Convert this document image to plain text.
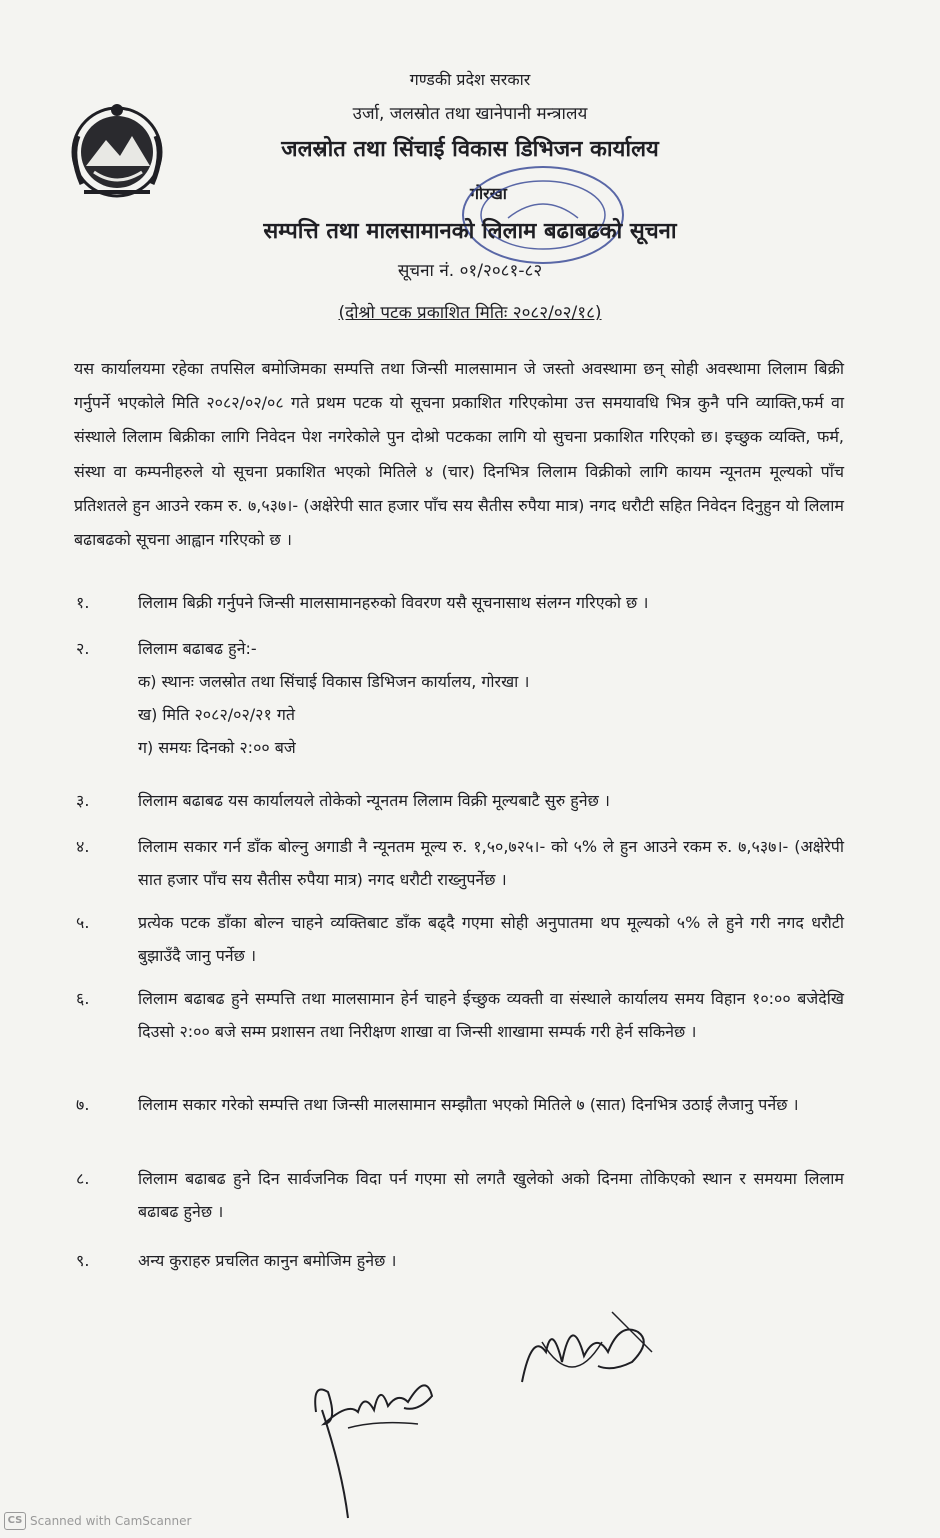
गण्डकी प्रदेश सरकार
उर्जा, जलस्रोत तथा खानेपानी मन्त्रालय
जलस्रोत तथा सिंचाई विकास डिभिजन कार्यालय
गोरखा
सम्पत्ति तथा मालसामानको लिलाम बढाबढको सूचना
सूचना नं. ०१/२०८१-८२
(दोश्रो पटक प्रकाशित मितिः २०८२/०२/१८)
यस कार्यालयमा रहेका तपसिल बमोजिमका सम्पत्ति तथा जिन्सी मालसामान जे जस्तो अवस्थामा छन् सोही अवस्थामा लिलाम बिक्री गर्नुपर्ने भएकोले मिति २०८२/०२/०८ गते प्रथम पटक यो सूचना प्रकाशित गरिएकोमा उत्त समयावधि भित्र कुनै पनि व्याक्ति,फर्म वा संस्थाले लिलाम बिक्रीका लागि निवेदन पेश नगरेकोले पुन दोश्रो पटकका लागि यो सुचना प्रकाशित गरिएको छ। इच्छुक व्यक्ति, फर्म, संस्था वा कम्पनीहरुले यो सूचना प्रकाशित भएको मितिले ४ (चार) दिनभित्र लिलाम विक्रीको लागि कायम न्यूनतम मूल्यको पाँच प्रतिशतले हुन आउने रकम रु. ७,५३७।- (अक्षेरेपी सात हजार पाँच सय सैतीस रुपैया मात्र) नगद धरौटी सहित निवेदन दिनुहुन यो लिलाम बढाबढको सूचना आह्वान गरिएको छ ।
१.	लिलाम बिक्री गर्नुपने जिन्सी मालसामानहरुको विवरण यसै सूचनासाथ संलग्न गरिएको छ ।
२.	लिलाम बढाबढ हुने:-
क) स्थानः जलस्रोत तथा सिंचाई विकास डिभिजन कार्यालय, गोरखा ।
ख) मिति २०८२/०२/२१ गते
ग) समयः दिनको २:०० बजे
३.	लिलाम बढाबढ यस कार्यालयले तोकेको न्यूनतम लिलाम विक्री मूल्यबाटै सुरु हुनेछ ।
४.	लिलाम सकार गर्न डाँक बोल्नु अगाडी नै न्यूनतम मूल्य रु. १,५०,७२५।- को ५% ले हुन आउने रकम रु. ७,५३७।- (अक्षेरेपी सात हजार पाँच सय सैतीस रुपैया मात्र) नगद धरौटी राख्नुपर्नेछ ।
५.	प्रत्येक पटक डाँका बोल्न चाहने व्यक्तिबाट डाँक बढ्दै गएमा सोही अनुपातमा थप मूल्यको ५% ले हुने गरी नगद धरौटी बुझाउँदै जानु पर्नेछ ।
६.	लिलाम बढाबढ हुने सम्पत्ति तथा मालसामान हेर्न चाहने ईच्छुक व्यक्ती वा संस्थाले कार्यालय समय विहान १०:०० बजेदेखि दिउसो २:०० बजे सम्म प्रशासन तथा निरीक्षण शाखा वा जिन्सी शाखामा सम्पर्क गरी हेर्न सकिनेछ ।
७.	लिलाम सकार गरेको सम्पत्ति तथा जिन्सी मालसामान सम्झौता भएको मितिले ७ (सात) दिनभित्र उठाई लैजानु पर्नेछ ।
८.	लिलाम बढाबढ हुने दिन सार्वजनिक विदा पर्न गएमा सो लगतै खुलेको अको दिनमा तोकिएको स्थान र समयमा लिलाम बढाबढ हुनेछ ।
९.	अन्य कुराहरु प्रचलित कानुन बमोजिम हुनेछ ।
CS Scanned with CamScanner
